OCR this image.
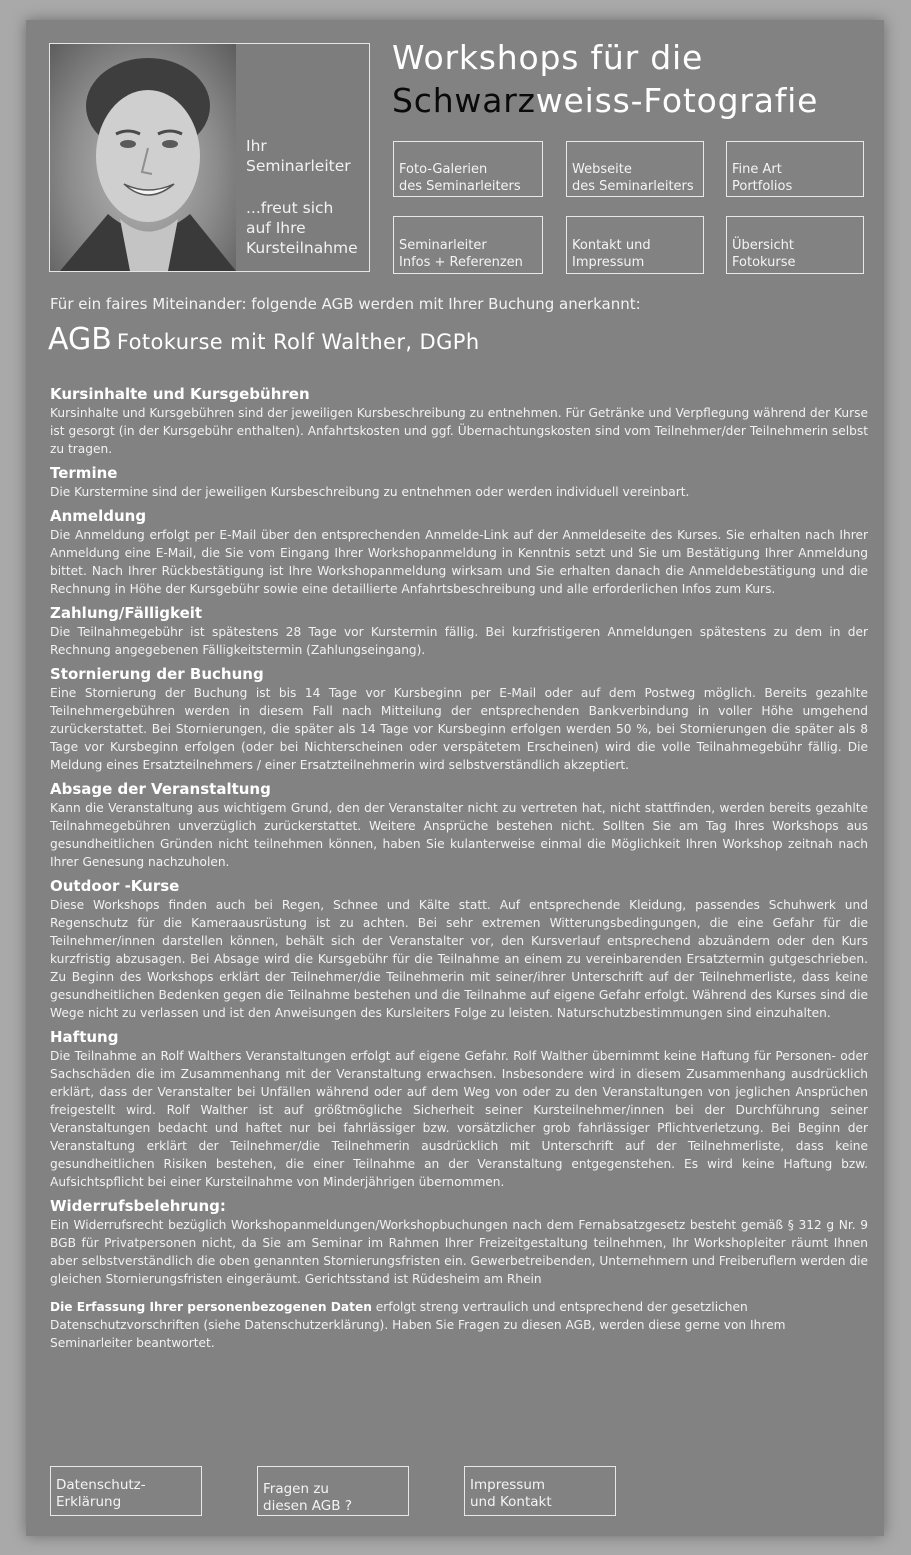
Ihr
Seminarleiter
...freut sich
auf Ihre
Kursteilnahme
Workshops für die
Schwarzweiss-Fotografie
Foto-Galerien
des Seminarleiters
Webseite
des Seminarleiters
Fine Art
Portfolios
Seminarleiter
Infos + Referenzen
Kontakt und
Impressum
Übersicht
Fotokurse
Für ein faires Miteinander: folgende AGB werden mit Ihrer Buchung anerkannt:
AGB Fotokurse mit Rolf Walther, DGPh
Kursinhalte und Kursgebühren

Kursinhalte und Kursgebühren sind der jeweiligen Kursbeschreibung zu entnehmen. Für Getränke und Verpflegung während der Kurse ist gesorgt (in der Kursgebühr enthalten). Anfahrtskosten und ggf. Übernachtungskosten sind vom Teilnehmer/der Teilnehmerin selbst zu tragen.

Termine

Die Kurstermine sind der jeweiligen Kursbeschreibung zu entnehmen oder werden individuell vereinbart.

Anmeldung

Die Anmeldung erfolgt per E-Mail über den entsprechenden Anmelde-Link auf der Anmeldeseite des Kurses. Sie erhalten nach Ihrer Anmeldung eine E-Mail, die Sie vom Eingang Ihrer Workshopanmeldung in Kenntnis setzt und Sie um Bestätigung Ihrer Anmeldung bittet. Nach Ihrer Rückbestätigung ist Ihre Workshopanmeldung wirksam und Sie erhalten danach die Anmeldebestätigung und die Rechnung in Höhe der Kursgebühr sowie eine detaillierte Anfahrtsbeschreibung und alle erforderlichen Infos zum Kurs.

Zahlung/Fälligkeit

Die Teilnahmegebühr ist spätestens 28 Tage vor Kurstermin fällig. Bei kurzfristigeren Anmeldungen spätestens zu dem in der Rechnung angegebenen Fälligkeitstermin (Zahlungseingang).

Stornierung der Buchung

Eine Stornierung der Buchung ist bis 14 Tage vor Kursbeginn per E-Mail oder auf dem Postweg möglich. Bereits gezahlte Teilnehmergebühren werden in diesem Fall nach Mitteilung der entsprechenden Bankverbindung in voller Höhe umgehend zurückerstattet. Bei Stornierungen, die später als 14 Tage vor Kursbeginn erfolgen werden 50 %, bei Stornierungen die später als 8 Tage vor Kursbeginn erfolgen (oder bei Nichterscheinen oder verspätetem Erscheinen) wird die volle Teilnahmegebühr fällig. Die Meldung eines Ersatzteilnehmers / einer Ersatzteilnehmerin wird selbstverständlich akzeptiert.

Absage der Veranstaltung

Kann die Veranstaltung aus wichtigem Grund, den der Veranstalter nicht zu vertreten hat, nicht stattfinden, werden bereits gezahlte Teilnahmegebühren unverzüglich zurückerstattet. Weitere Ansprüche bestehen nicht. Sollten Sie am Tag Ihres Workshops aus gesundheitlichen Gründen nicht teilnehmen können, haben Sie kulanterweise einmal die Möglichkeit Ihren Workshop zeitnah nach Ihrer Genesung nachzuholen.

Outdoor -Kurse

Diese Workshops finden auch bei Regen, Schnee und Kälte statt. Auf entsprechende Kleidung, passendes Schuhwerk und Regenschutz für die Kameraausrüstung ist zu achten. Bei sehr extremen Witterungsbedingungen, die eine Gefahr für die Teilnehmer/innen darstellen können, behält sich der Veranstalter vor, den Kursverlauf entsprechend abzuändern oder den Kurs kurzfristig abzusagen. Bei Absage wird die Kursgebühr für die Teilnahme an einem zu vereinbarenden Ersatztermin gutgeschrieben. Zu Beginn des Workshops erklärt der Teilnehmer/die Teilnehmerin mit seiner/ihrer Unterschrift auf der Teilnehmerliste, dass keine gesundheitlichen Bedenken gegen die Teilnahme bestehen und die Teilnahme auf eigene Gefahr erfolgt. Während des Kurses sind die Wege nicht zu verlassen und ist den Anweisungen des Kursleiters Folge zu leisten. Naturschutzbestimmungen sind einzuhalten.

Haftung

Die Teilnahme an Rolf Walthers Veranstaltungen erfolgt auf eigene Gefahr. Rolf Walther übernimmt keine Haftung für Personen- oder Sachschäden die im Zusammenhang mit der Veranstaltung erwachsen. Insbesondere wird in diesem Zusammenhang ausdrücklich erklärt, dass der Veranstalter bei Unfällen während oder auf dem Weg von oder zu den Veranstaltungen von jeglichen Ansprüchen freigestellt wird. Rolf Walther ist auf größtmögliche Sicherheit seiner Kursteilnehmer/innen bei der Durchführung seiner Veranstaltungen bedacht und haftet nur bei fahrlässiger bzw. vorsätzlicher grob fahrlässiger Pflichtverletzung. Bei Beginn der Veranstaltung erklärt der Teilnehmer/die Teilnehmerin ausdrücklich mit Unterschrift auf der Teilnehmerliste, dass keine gesundheitlichen Risiken bestehen, die einer Teilnahme an der Veranstaltung entgegenstehen. Es wird keine Haftung bzw. Aufsichtspflicht bei einer Kursteilnahme von Minderjährigen übernommen.

Widerrufsbelehrung:

Ein Widerrufsrecht bezüglich Workshopanmeldungen/Workshopbuchungen nach dem Fernabsatzgesetz besteht gemäß § 312 g Nr. 9 BGB für Privatpersonen nicht, da Sie am Seminar im Rahmen Ihrer Freizeitgestaltung teilnehmen, Ihr Workshopleiter räumt Ihnen aber selbstverständlich die oben genannten Stornierungsfristen ein. Gewerbetreibenden, Unternehmern und Freiberuflern werden die gleichen Stornierungsfristen eingeräumt. Gerichtsstand ist Rüdesheim am Rhein

Die Erfassung Ihrer personenbezogenen Daten erfolgt streng vertraulich und entsprechend der gesetzlichen Datenschutzvorschriften (siehe Datenschutzerklärung). Haben Sie Fragen zu diesen AGB, werden diese gerne von Ihrem Seminarleiter beantwortet.
Datenschutz-
Erklärung
Fragen zu
diesen AGB ?
Impressum
und Kontakt
